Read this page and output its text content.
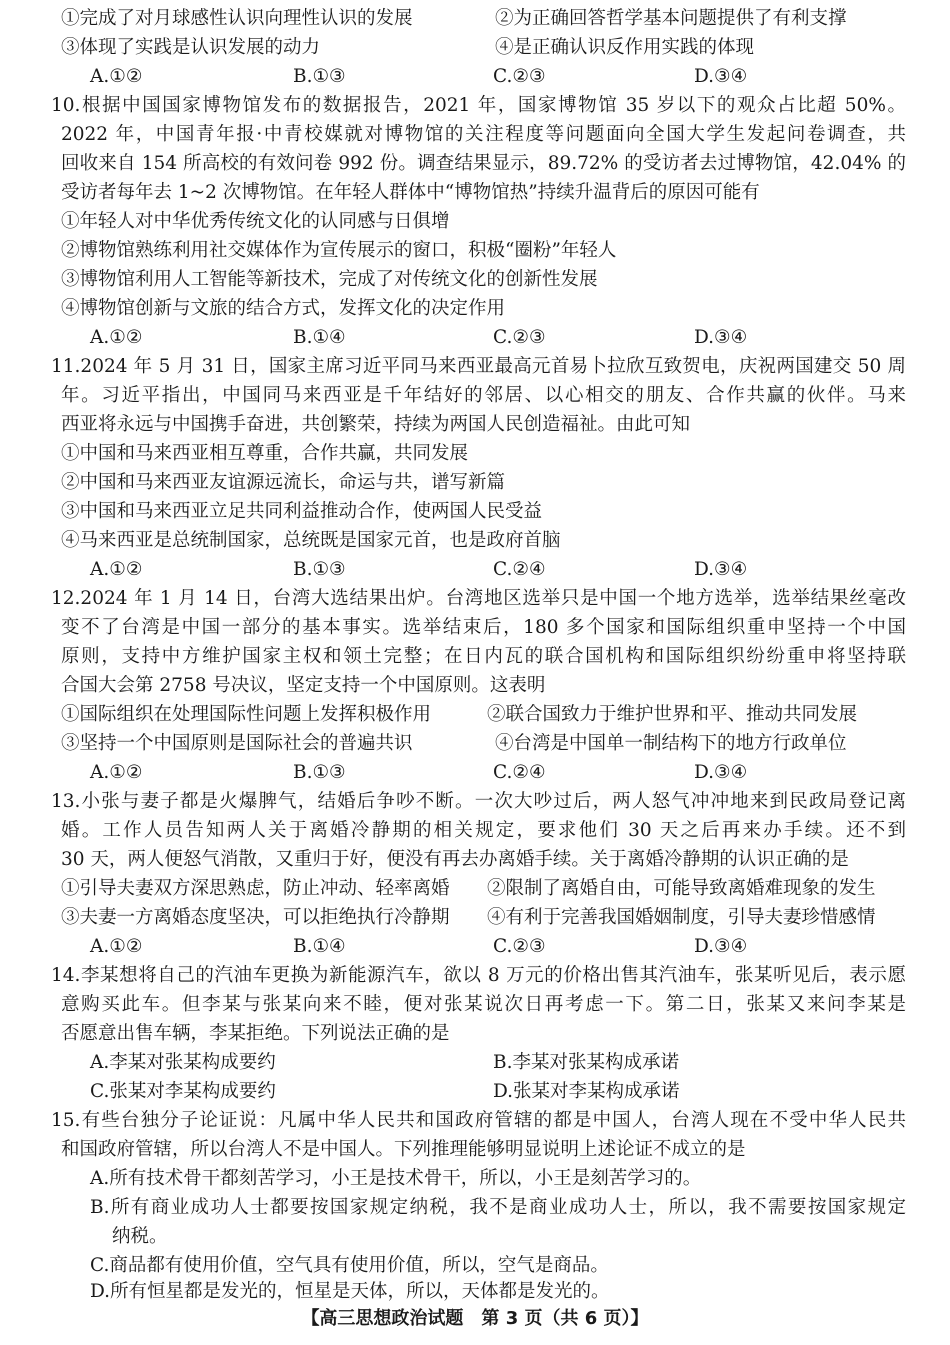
①完成了对月球感性认识向理性认识的发展	②为正确回答哲学基本问题提供了有利支撑
③体现了实践是认识发展的动力	④是正确认识反作用实践的体现
A.①②	B.①③	C.②③	D.③④
10.根据中国国家博物馆发布的数据报告，2021 年，国家博物馆 35 岁以下的观众占比超 50%。
2022 年，中国青年报·中青校媒就对博物馆的关注程度等问题面向全国大学生发起问卷调查，共
回收来自 154 所高校的有效问卷 992 份。调查结果显示，89.72% 的受访者去过博物馆，42.04% 的
受访者每年去 1~2 次博物馆。在年轻人群体中“博物馆热”持续升温背后的原因可能有
①年轻人对中华优秀传统文化的认同感与日俱增
②博物馆熟练利用社交媒体作为宣传展示的窗口，积极“圈粉”年轻人
③博物馆利用人工智能等新技术，完成了对传统文化的创新性发展
④博物馆创新与文旅的结合方式，发挥文化的决定作用
A.①②	B.①④	C.②③	D.③④
11.2024 年 5 月 31 日，国家主席习近平同马来西亚最高元首易卜拉欣互致贺电，庆祝两国建交 50 周
年。习近平指出，中国同马来西亚是千年结好的邻居、以心相交的朋友、合作共赢的伙伴。马来
西亚将永远与中国携手奋进，共创繁荣，持续为两国人民创造福祉。由此可知
①中国和马来西亚相互尊重，合作共赢，共同发展
②中国和马来西亚友谊源远流长，命运与共，谱写新篇
③中国和马来西亚立足共同利益推动合作，使两国人民受益
④马来西亚是总统制国家，总统既是国家元首，也是政府首脑
A.①②	B.①③	C.②④	D.③④
12.2024 年 1 月 14 日，台湾大选结果出炉。台湾地区选举只是中国一个地方选举，选举结果丝毫改
变不了台湾是中国一部分的基本事实。选举结束后，180 多个国家和国际组织重申坚持一个中国
原则，支持中方维护国家主权和领土完整；在日内瓦的联合国机构和国际组织纷纷重申将坚持联
合国大会第 2758 号决议，坚定支持一个中国原则。这表明
①国际组织在处理国际性问题上发挥积极作用	②联合国致力于维护世界和平、推动共同发展
③坚持一个中国原则是国际社会的普遍共识	④台湾是中国单一制结构下的地方行政单位
A.①②	B.①③	C.②④	D.③④
13.小张与妻子都是火爆脾气，结婚后争吵不断。一次大吵过后，两人怒气冲冲地来到民政局登记离
婚。工作人员告知两人关于离婚冷静期的相关规定，要求他们 30 天之后再来办手续。还不到
30 天，两人便怒气消散，又重归于好，便没有再去办离婚手续。关于离婚冷静期的认识正确的是
①引导夫妻双方深思熟虑，防止冲动、轻率离婚 ②限制了离婚自由，可能导致离婚难现象的发生
③夫妻一方离婚态度坚决，可以拒绝执行冷静期 ④有利于完善我国婚姻制度，引导夫妻珍惜感情
A.①②	B.①④	C.②③	D.③④
14.李某想将自己的汽油车更换为新能源汽车，欲以 8 万元的价格出售其汽油车，张某听见后，表示愿
意购买此车。但李某与张某向来不睦，便对张某说次日再考虑一下。第二日，张某又来问李某是
否愿意出售车辆，李某拒绝。下列说法正确的是
A.李某对张某构成要约	B.李某对张某构成承诺
C.张某对李某构成要约	D.张某对李某构成承诺
15.有些台独分子论证说：凡属中华人民共和国政府管辖的都是中国人，台湾人现在不受中华人民共
和国政府管辖，所以台湾人不是中国人。下列推理能够明显说明上述论证不成立的是
A.所有技术骨干都刻苦学习，小王是技术骨干，所以，小王是刻苦学习的。
B.所有商业成功人士都要按国家规定纳税，我不是商业成功人士，所以，我不需要按国家规定
纳税。
C.商品都有使用价值，空气具有使用价值，所以，空气是商品。
【高三思想政治试题　第 3 页（共 6 页）】
D.所有恒星都是发光的，恒星是天体，所以，天体都是发光的。
